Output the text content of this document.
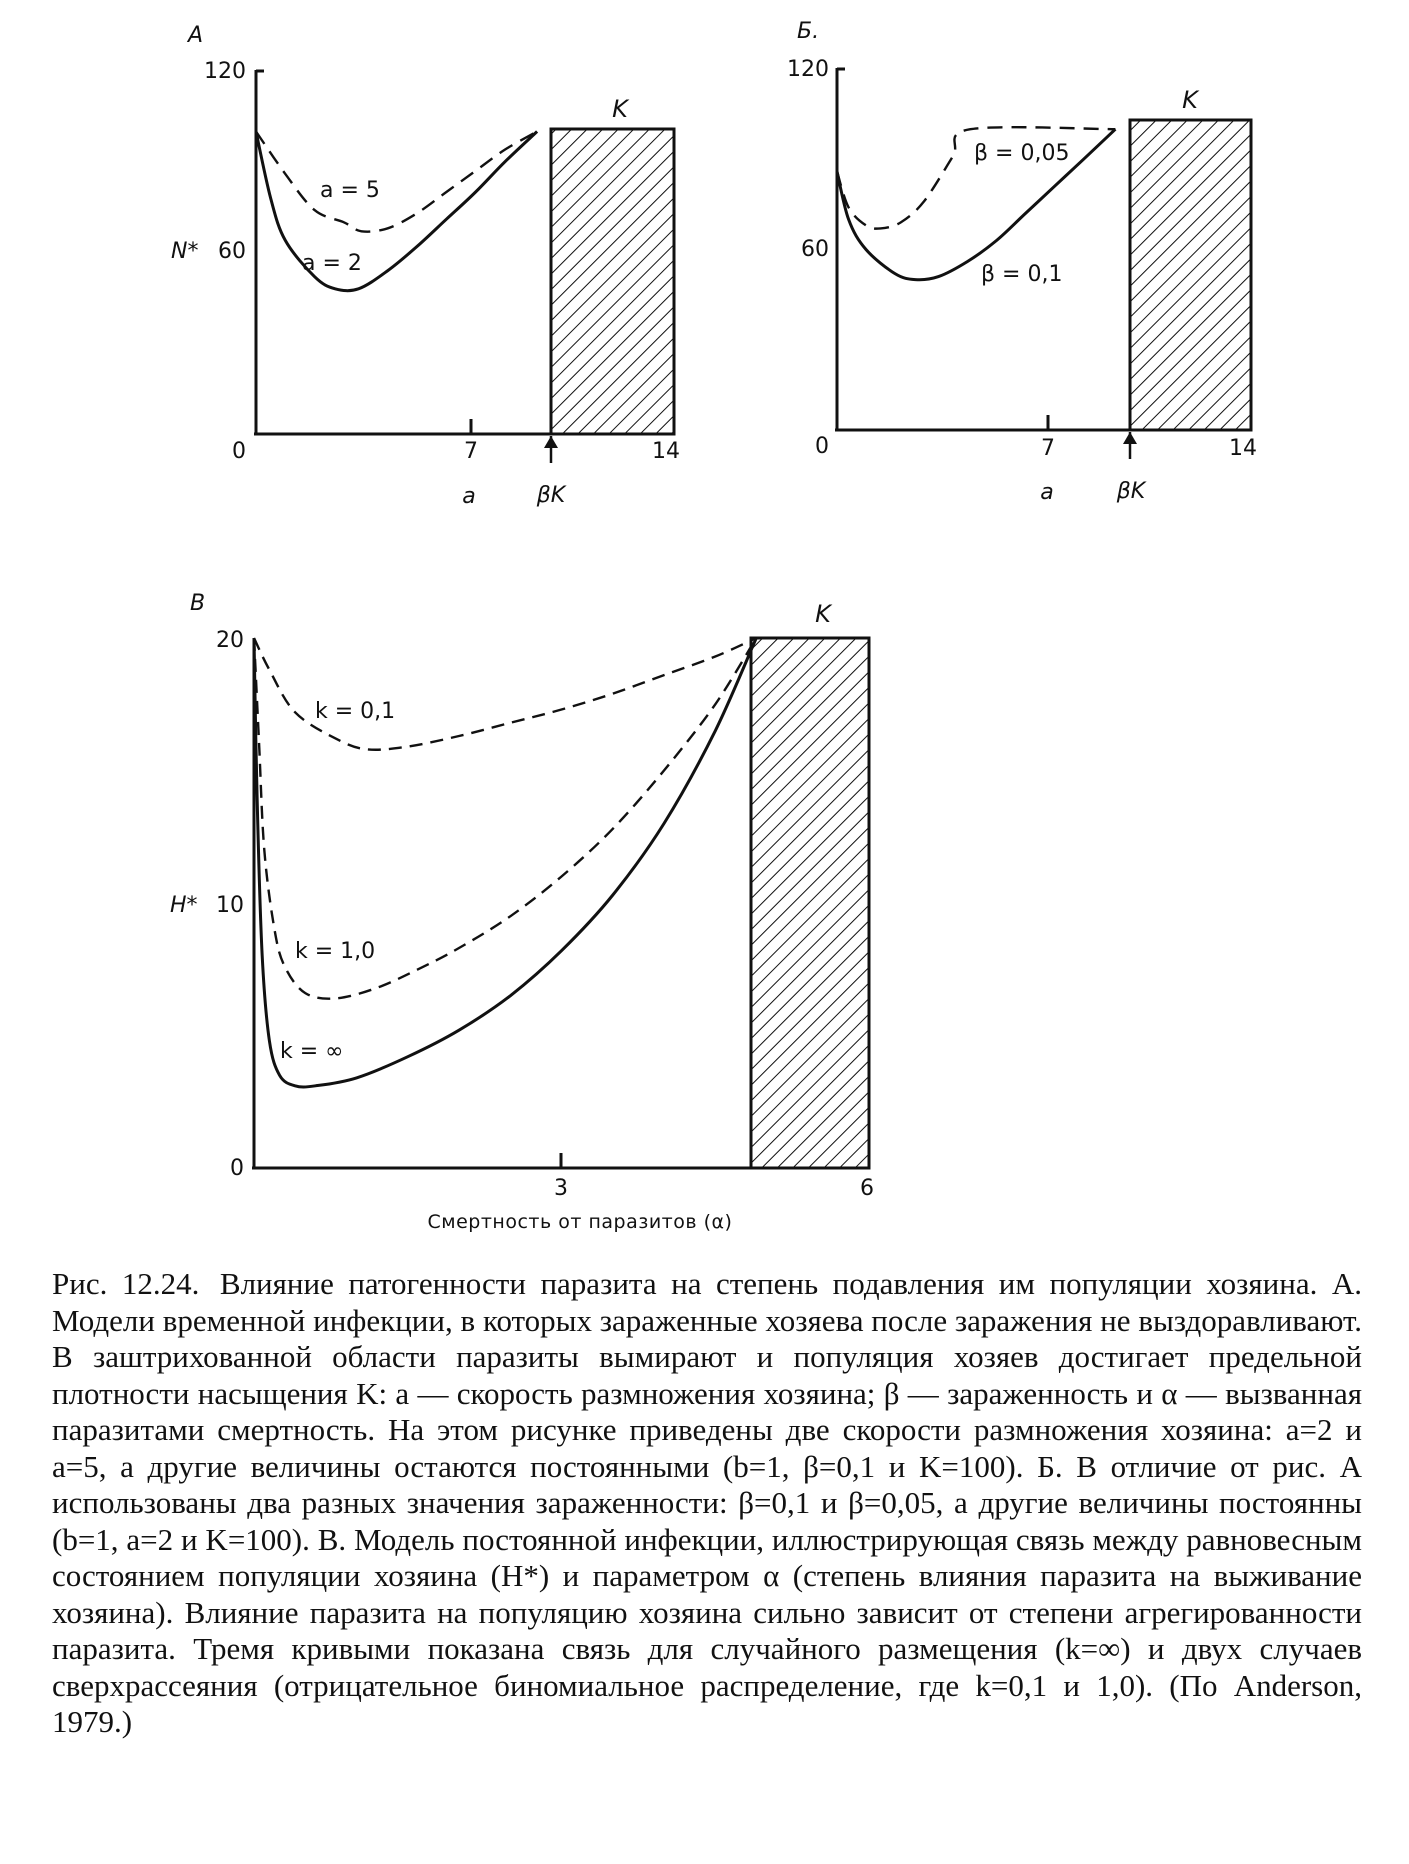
A
120
60
0
N*
7	14
a	βK
K
a = 5
a = 2
Б.
120
60
0	7	14
a	βK
K
β = 0,05
β = 0,1
В
20
10
0
H*
3	6
Смертность от паразитов (α)
K
k = 0,1
k = 1,0
k = ∞

Рис. 12.24. Влияние патогенности паразита на степень подавления им популяции хозяина. А. Модели временной инфекции, в которых зараженные хозяева после заражения не выздоравливают. В заштрихованной области паразиты вымирают и популяция хозяев достигает предельной плотности насыщения K: a — скорость размножения хозяина; β — зараженность и α — вызванная паразитами смертность. На этом рисунке приведены две скорости размножения хозяина: a=2 и a=5, а другие величины остаются постоянными (b=1, β=0,1 и K=100). Б. В отличие от рис. А использованы два разных значения зараженности: β=0,1 и β=0,05, а другие величины постоянны (b=1, a=2 и K=100). В. Модель постоянной инфекции, иллюстрирующая связь между равновесным состоянием популяции хозяина (H*) и параметром α (степень влияния паразита на выживание хозяина). Влияние паразита на популяцию хозяина сильно зависит от степени агрегированности паразита. Тремя кривыми показана связь для случайного размещения (k=∞) и двух случаев сверхрассеяния (отрицательное биномиальное распределение, где k=0,1 и 1,0). (По Anderson, 1979.)
